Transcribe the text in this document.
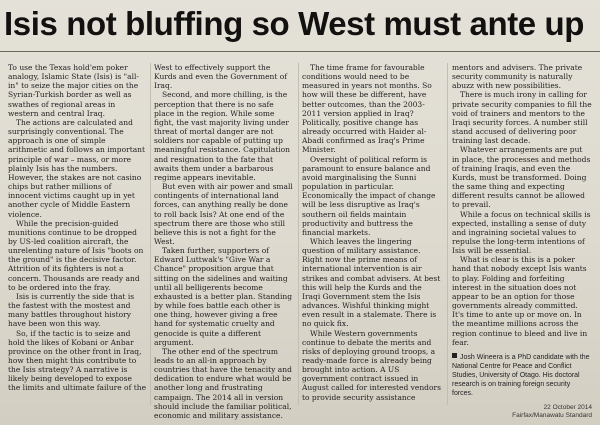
Isis not bluffing so West must ante up

To use the Texas hold'em poker analogy, Islamic State (Isis) is "all-in" to seize the major cities on the Syrian-Turkish border as well as swathes of regional areas in western and central Iraq.

The actions are calculated and surprisingly conventional. The approach is one of simple arithmetic and follows an important principle of war – mass, or more plainly Isis has the numbers. However, the stakes are not casino chips but rather millions of innocent victims caught up in yet another cycle of Middle Eastern violence.

While the precision-guided munitions continue to be dropped by US-led coalition aircraft, the unrelenting nature of Isis "boots on the ground" is the decisive factor. Attrition of its fighters is not a concern. Thousands are ready and to be ordered into the fray.

Isis is currently the side that is the fastest with the mostest and many battles throughout history have been won this way.

So, if the tactic is to seize and hold the likes of Kobani or Anbar province on the other front in Iraq, how then might this contribute to the Isis strategy? A narrative is likely being developed to expose the limits and ultimate failure of the

West to effectively support the Kurds and even the Government of Iraq.

Second, and more chilling, is the perception that there is no safe place in the region. While some fight, the vast majority living under threat of mortal danger are not soldiers nor capable of putting up meaningful resistance. Capitulation and resignation to the fate that awaits them under a barbarous regime appears inevitable.

But even with air power and small contingents of international land forces, can anything really be done to roll back Isis? At one end of the spectrum there are those who still believe this is not a fight for the West.

Taken further, supporters of Edward Luttwak's "Give War a Chance" proposition argue that sitting on the sidelines and waiting until all belligerents become exhausted is a better plan. Standing by while foes battle each other is one thing, however giving a free hand for systematic cruelty and genocide is quite a different argument.

The other end of the spectrum leads to an all-in approach by countries that have the tenacity and dedication to endure what would be another long and frustrating campaign. The 2014 all in version should include the familiar political, economic and military assistance.

The time frame for favourable conditions would need to be measured in years not months. So how will these be different, have better outcomes, than the 2003-2011 version applied in Iraq? Politically, positive change has already occurred with Haider al-Abadi confirmed as Iraq's Prime Minister.

Oversight of political reform is paramount to ensure balance and avoid marginalising the Sunni population in particular. Economically the impact of change will be less disruptive as Iraq's southern oil fields maintain productivity and buttress the financial markets.

Which leaves the lingering question of military assistance. Right now the prime means of international intervention is air strikes and combat advisers. At best this will help the Kurds and the Iraqi Government stem the Isis advances. Wishful thinking might even result in a stalemate. There is no quick fix.

While Western governments continue to debate the merits and risks of deploying ground troops, a ready-made force is already being brought into action. A US government contract issued in August called for interested vendors to provide security assistance

mentors and advisers. The private security community is naturally abuzz with new possibilities.

There is much irony in calling for private security companies to fill the void of trainers and mentors to the Iraqi security forces. A number still stand accused of delivering poor training last decade.

Whatever arrangements are put in place, the processes and methods of training Iraqis, and even the Kurds, must be transformed. Doing the same thing and expecting different results cannot be allowed to prevail.

While a focus on technical skills is expected, installing a sense of duty and ingraining societal values to repulse the long-term intentions of Isis will be essential.

What is clear is this is a poker hand that nobody except Isis wants to play. Folding and forfeiting interest in the situation does not appear to be an option for those governments already committed. It's time to ante up or move on. In the meantime millions across the region continue to bleed and live in fear.

Josh Wineera is a PhD candidate with the National Centre for Peace and Conflict Studies, University of Otago. His doctoral research is on training foreign security forces.
22 October 2014
Fairfax/Manawatu Standard
